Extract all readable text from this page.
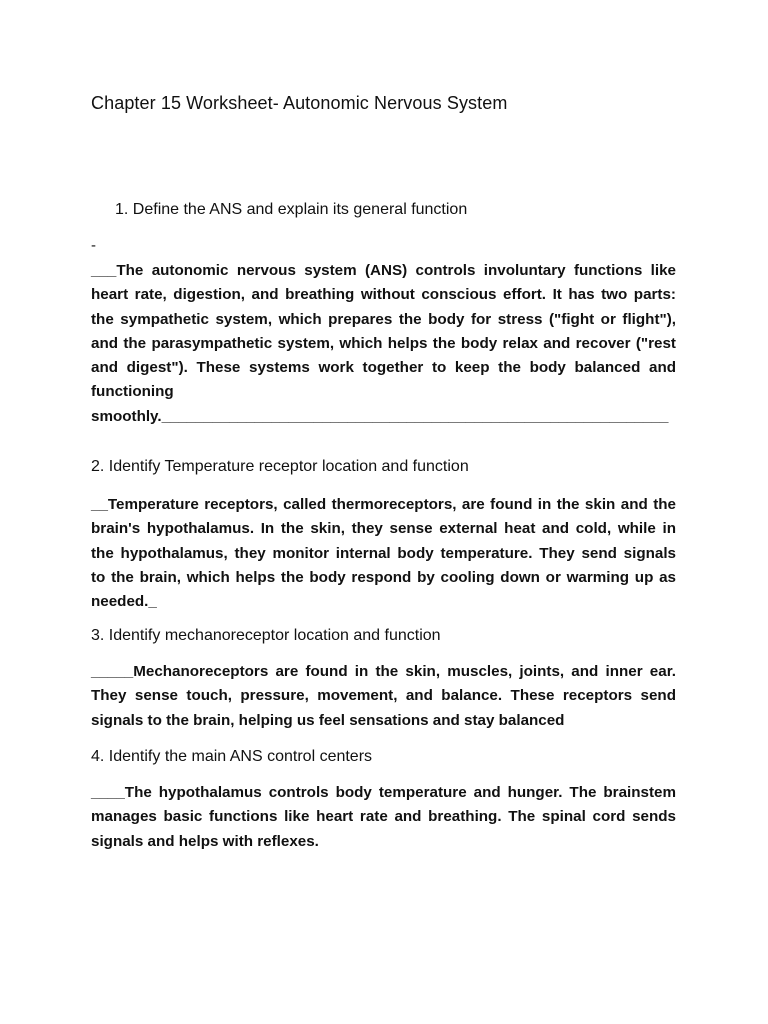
Chapter 15 Worksheet- Autonomic Nervous System
1. Define the ANS and explain its general function
-
___The autonomic nervous system (ANS) controls involuntary functions like
heart rate, digestion, and breathing without conscious effort. It has two parts:
the sympathetic system, which prepares the body for stress ("fight or flight"),
and the parasympathetic system, which helps the body relax and recover ("rest
and digest"). These systems work together to keep the body balanced and
functioning
smoothly.____________________________________________________________
2. Identify Temperature receptor location and function
__Temperature receptors, called thermoreceptors, are found in the skin and the
brain's hypothalamus. In the skin, they sense external heat and cold, while in
the hypothalamus, they monitor internal body temperature. They send signals
to the brain, which helps the body respond by cooling down or warming up as
needed._
3. Identify mechanoreceptor location and function
_____Mechanoreceptors are found in the skin, muscles, joints, and inner ear.
They sense touch, pressure, movement, and balance. These receptors send
signals to the brain, helping us feel sensations and stay balanced
4. Identify the main ANS control centers
____The hypothalamus controls body temperature and hunger. The brainstem
manages basic functions like heart rate and breathing. The spinal cord sends
signals and helps with reflexes.
